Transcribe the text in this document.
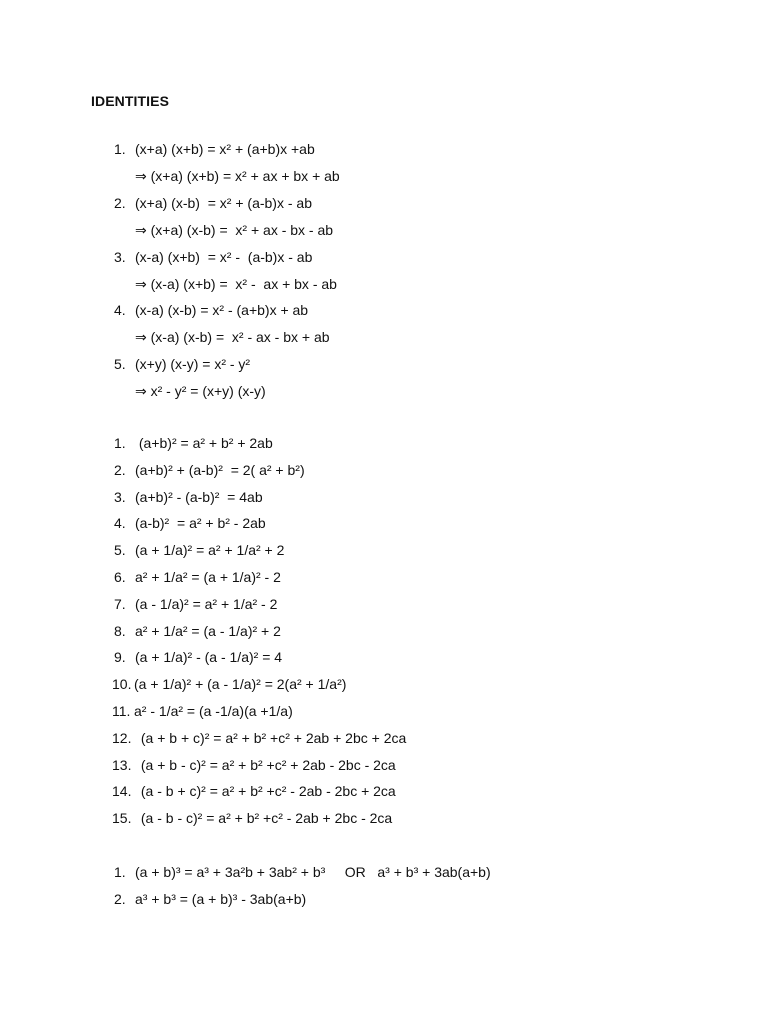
IDENTITIES
1. (x+a) (x+b) = x² + (a+b)x +ab
⇒ (x+a) (x+b) = x² + ax + bx + ab
2. (x+a) (x-b)  = x² + (a-b)x - ab
⇒ (x+a) (x-b) =  x² + ax - bx - ab
3. (x-a) (x+b)  = x² -  (a-b)x - ab
⇒ (x-a) (x+b) =  x² -  ax + bx - ab
4. (x-a) (x-b) = x² - (a+b)x + ab
⇒ (x-a) (x-b) =  x² - ax - bx + ab
5. (x+y) (x-y) = x² - y²
⇒ x² - y² = (x+y) (x-y)
1. (a+b)² = a² + b² + 2ab
2. (a+b)² + (a-b)²  = 2( a² + b²)
3. (a+b)² - (a-b)²  = 4ab
4. (a-b)²  = a² + b² - 2ab
5. (a + 1/a)² = a² + 1/a² + 2
6. a² + 1/a² = (a + 1/a)² - 2
7. (a - 1/a)² = a² + 1/a² - 2
8. a² + 1/a² = (a - 1/a)² + 2
9. (a + 1/a)² - (a - 1/a)² = 4
10. (a + 1/a)² + (a - 1/a)² = 2(a² + 1/a²)
11. a² - 1/a² = (a -1/a)(a +1/a)
12. (a + b + c)² = a² + b² +c² + 2ab + 2bc + 2ca
13. (a + b - c)² = a² + b² +c² + 2ab - 2bc - 2ca
14. (a - b + c)² = a² + b² +c² - 2ab - 2bc + 2ca
15. (a - b - c)² = a² + b² +c² - 2ab + 2bc - 2ca
1. (a + b)³ = a³ + 3a²b + 3ab² + b³     OR   a³ + b³ + 3ab(a+b)
2. a³ + b³ = (a + b)³ - 3ab(a+b)
